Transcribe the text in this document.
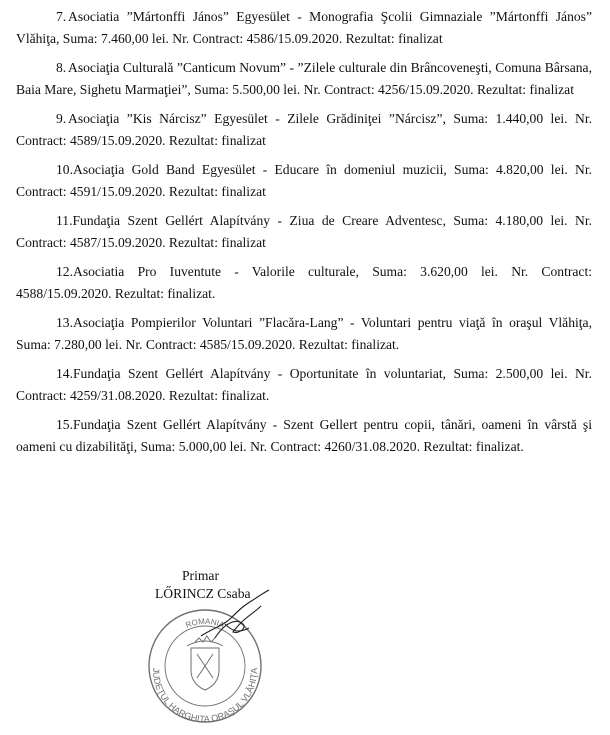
7. Asociatia ”Mártonffi János” Egyesület - Monografia Şcolii Gimnaziale ”Mártonffi János” Vlăhiţa, Suma: 7.460,00 lei. Nr. Contract: 4586/15.09.2020. Rezultat: finalizat

8. Asociaţia Culturală ”Canticum Novum” - ”Zilele culturale din Brâncoveneşti, Comuna Bârsana, Baia Mare, Sighetu Marmaţiei”, Suma: 5.500,00 lei. Nr. Contract: 4256/15.09.2020. Rezultat: finalizat

9. Asociaţia ”Kis Nárcisz” Egyesület - Zilele Grădiniţei ”Nárcisz”, Suma: 1.440,00 lei. Nr. Contract: 4589/15.09.2020. Rezultat: finalizat

10.Asociaţia Gold Band Egyesület - Educare în domeniul muzicii, Suma: 4.820,00 lei. Nr. Contract: 4591/15.09.2020. Rezultat: finalizat

11.Fundaţia Szent Gellért Alapítvány - Ziua de Creare Adventesc, Suma: 4.180,00 lei. Nr. Contract: 4587/15.09.2020. Rezultat: finalizat

12.Asociatia Pro Iuventute - Valorile culturale, Suma: 3.620,00 lei. Nr. Contract: 4588/15.09.2020. Rezultat: finalizat.

13.Asociaţia Pompierilor Voluntari ”Flacăra-Lang” - Voluntari pentru viaţă în oraşul Vlăhiţa, Suma: 7.280,00 lei. Nr. Contract: 4585/15.09.2020. Rezultat: finalizat.

14.Fundaţia Szent Gellért Alapítvány - Oportunitate în voluntariat, Suma: 2.500,00 lei. Nr. Contract: 4259/31.08.2020. Rezultat: finalizat.

15.Fundaţia Szent Gellért Alapítvány - Szent Gellert pentru copii, tânări, oameni în vârstă şi oameni cu dizabilităţi, Suma: 5.000,00 lei. Nr. Contract: 4260/31.08.2020. Rezultat: finalizat.

ROMANIA
JUDEŢUL HARGHITA ORAŞUL VLĂHIŢA
Primar
LŐRINCZ Csaba
